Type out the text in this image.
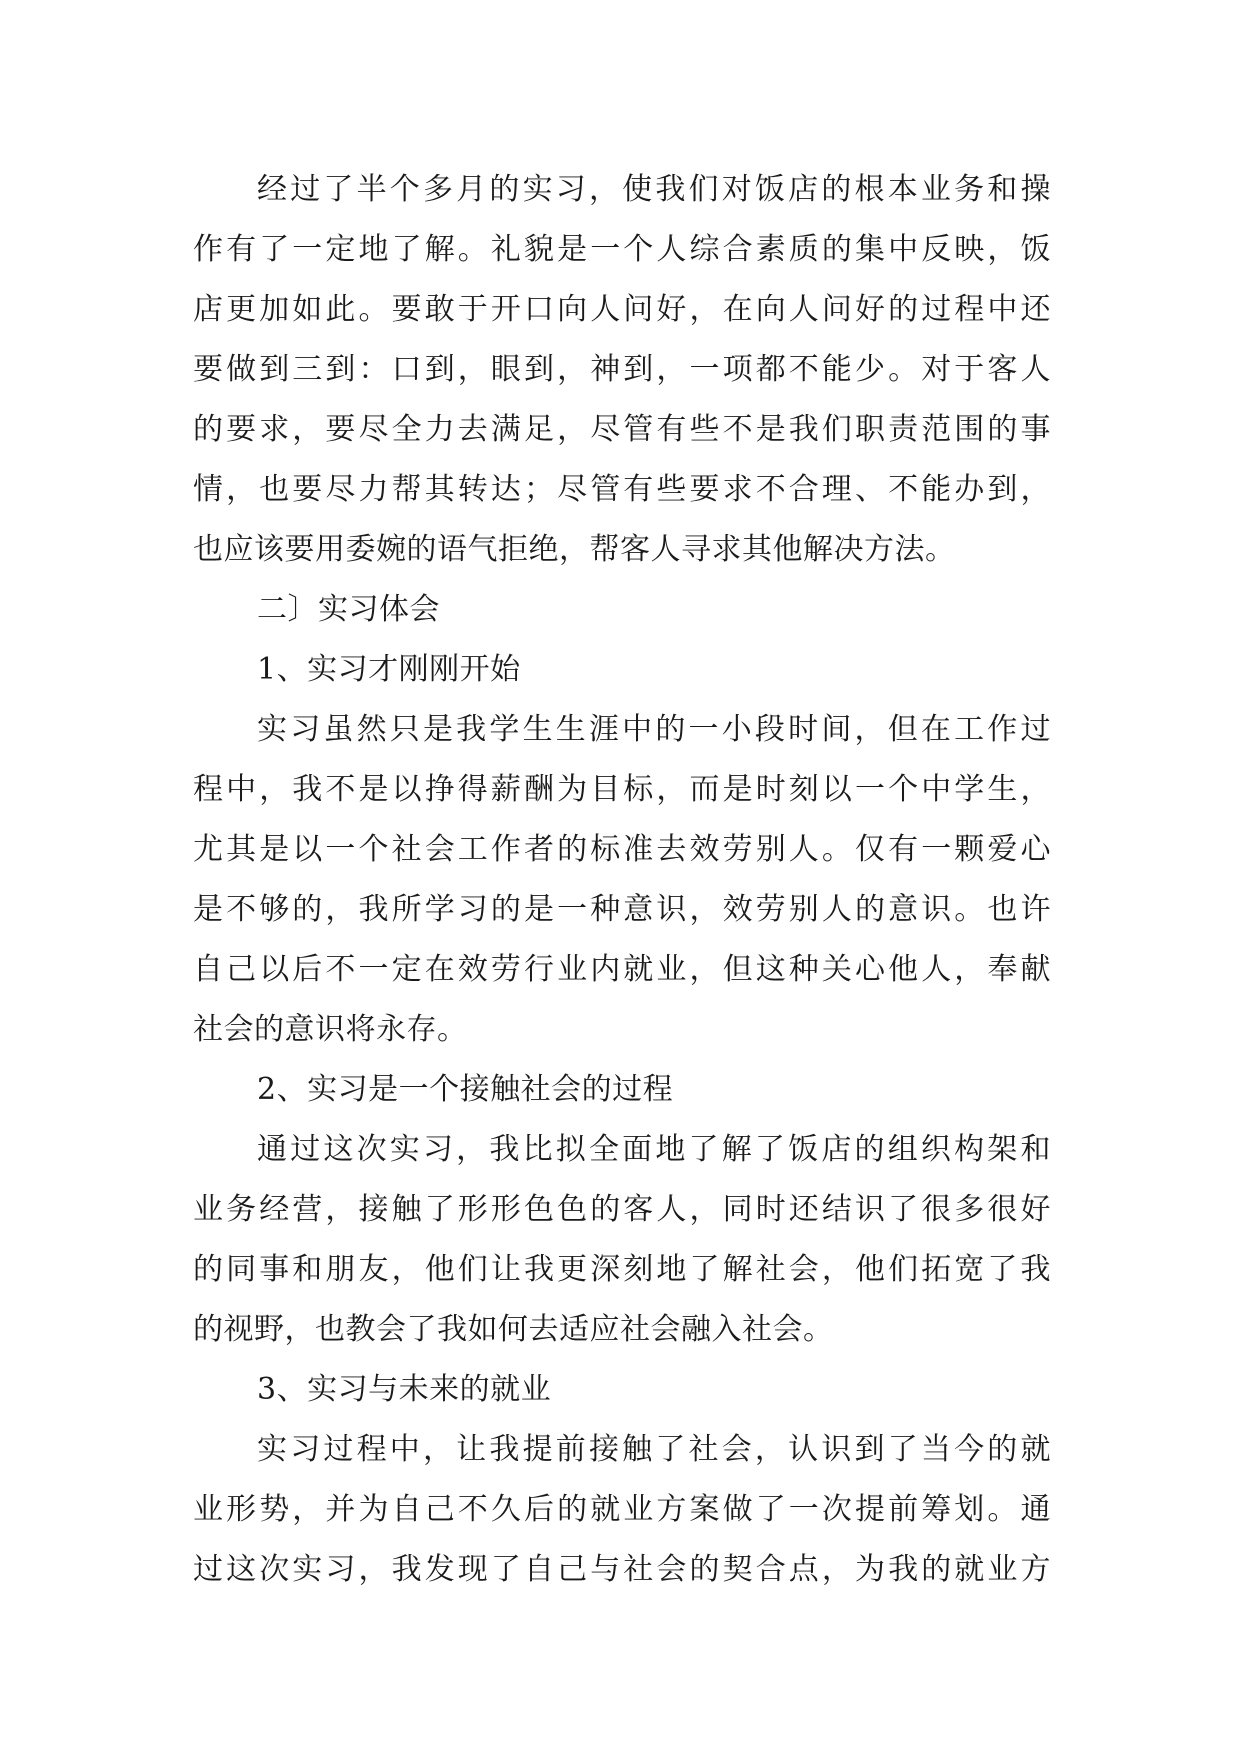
经过了半个多月的实习，使我们对饭店的根本业务和操
作有了一定地了解。礼貌是一个人综合素质的集中反映，饭
店更加如此。要敢于开口向人问好，在向人问好的过程中还
要做到三到：口到，眼到，神到，一项都不能少。对于客人
的要求，要尽全力去满足，尽管有些不是我们职责范围的事
情，也要尽力帮其转达；尽管有些要求不合理、不能办到，
也应该要用委婉的语气拒绝，帮客人寻求其他解决方法。
二〕实习体会
1、实习才刚刚开始
实习虽然只是我学生生涯中的一小段时间，但在工作过
程中，我不是以挣得薪酬为目标，而是时刻以一个中学生，
尤其是以一个社会工作者的标准去效劳别人。仅有一颗爱心
是不够的，我所学习的是一种意识，效劳别人的意识。也许
自己以后不一定在效劳行业内就业，但这种关心他人，奉献
社会的意识将永存。
2、实习是一个接触社会的过程
通过这次实习，我比拟全面地了解了饭店的组织构架和
业务经营，接触了形形色色的客人，同时还结识了很多很好
的同事和朋友，他们让我更深刻地了解社会，他们拓宽了我
的视野，也教会了我如何去适应社会融入社会。
3、实习与未来的就业
实习过程中，让我提前接触了社会，认识到了当今的就
业形势，并为自己不久后的就业方案做了一次提前筹划。通
过这次实习，我发现了自己与社会的契合点，为我的就业方
